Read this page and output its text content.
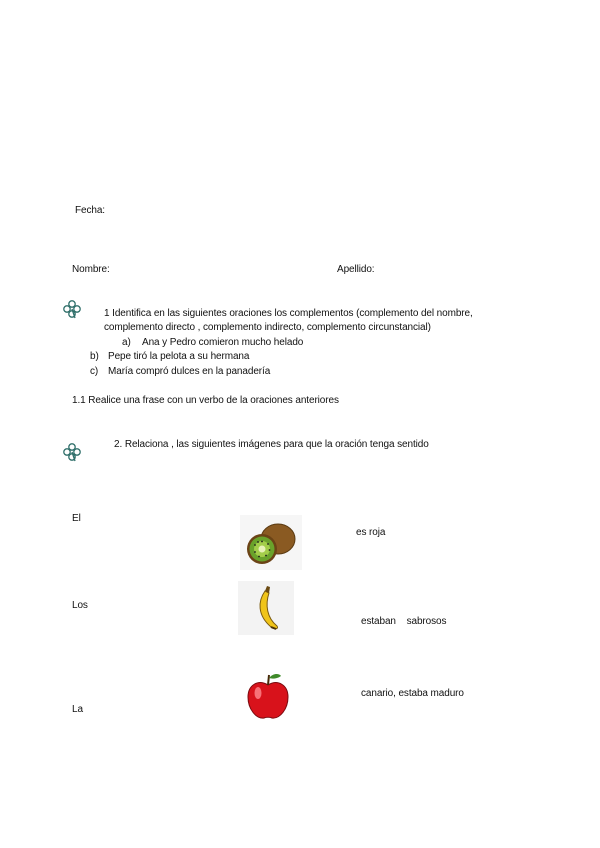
Fecha:
Nombre:	Apellido:
1 Identifica en las siguientes oraciones los complementos (complemento del nombre,
complemento directo , complemento indirecto, complemento circunstancial)
a) Ana y Pedro comieron mucho helado
b) Pepe tiró la pelota a su hermana
c) María compró dulces en la panadería
1.1 Realice una frase con un verbo de la oraciones anteriores
2. Relaciona , las siguientes imágenes para que la oración tenga sentido
El
Los
La
es roja
estaban    sabrosos
canario, estaba maduro
